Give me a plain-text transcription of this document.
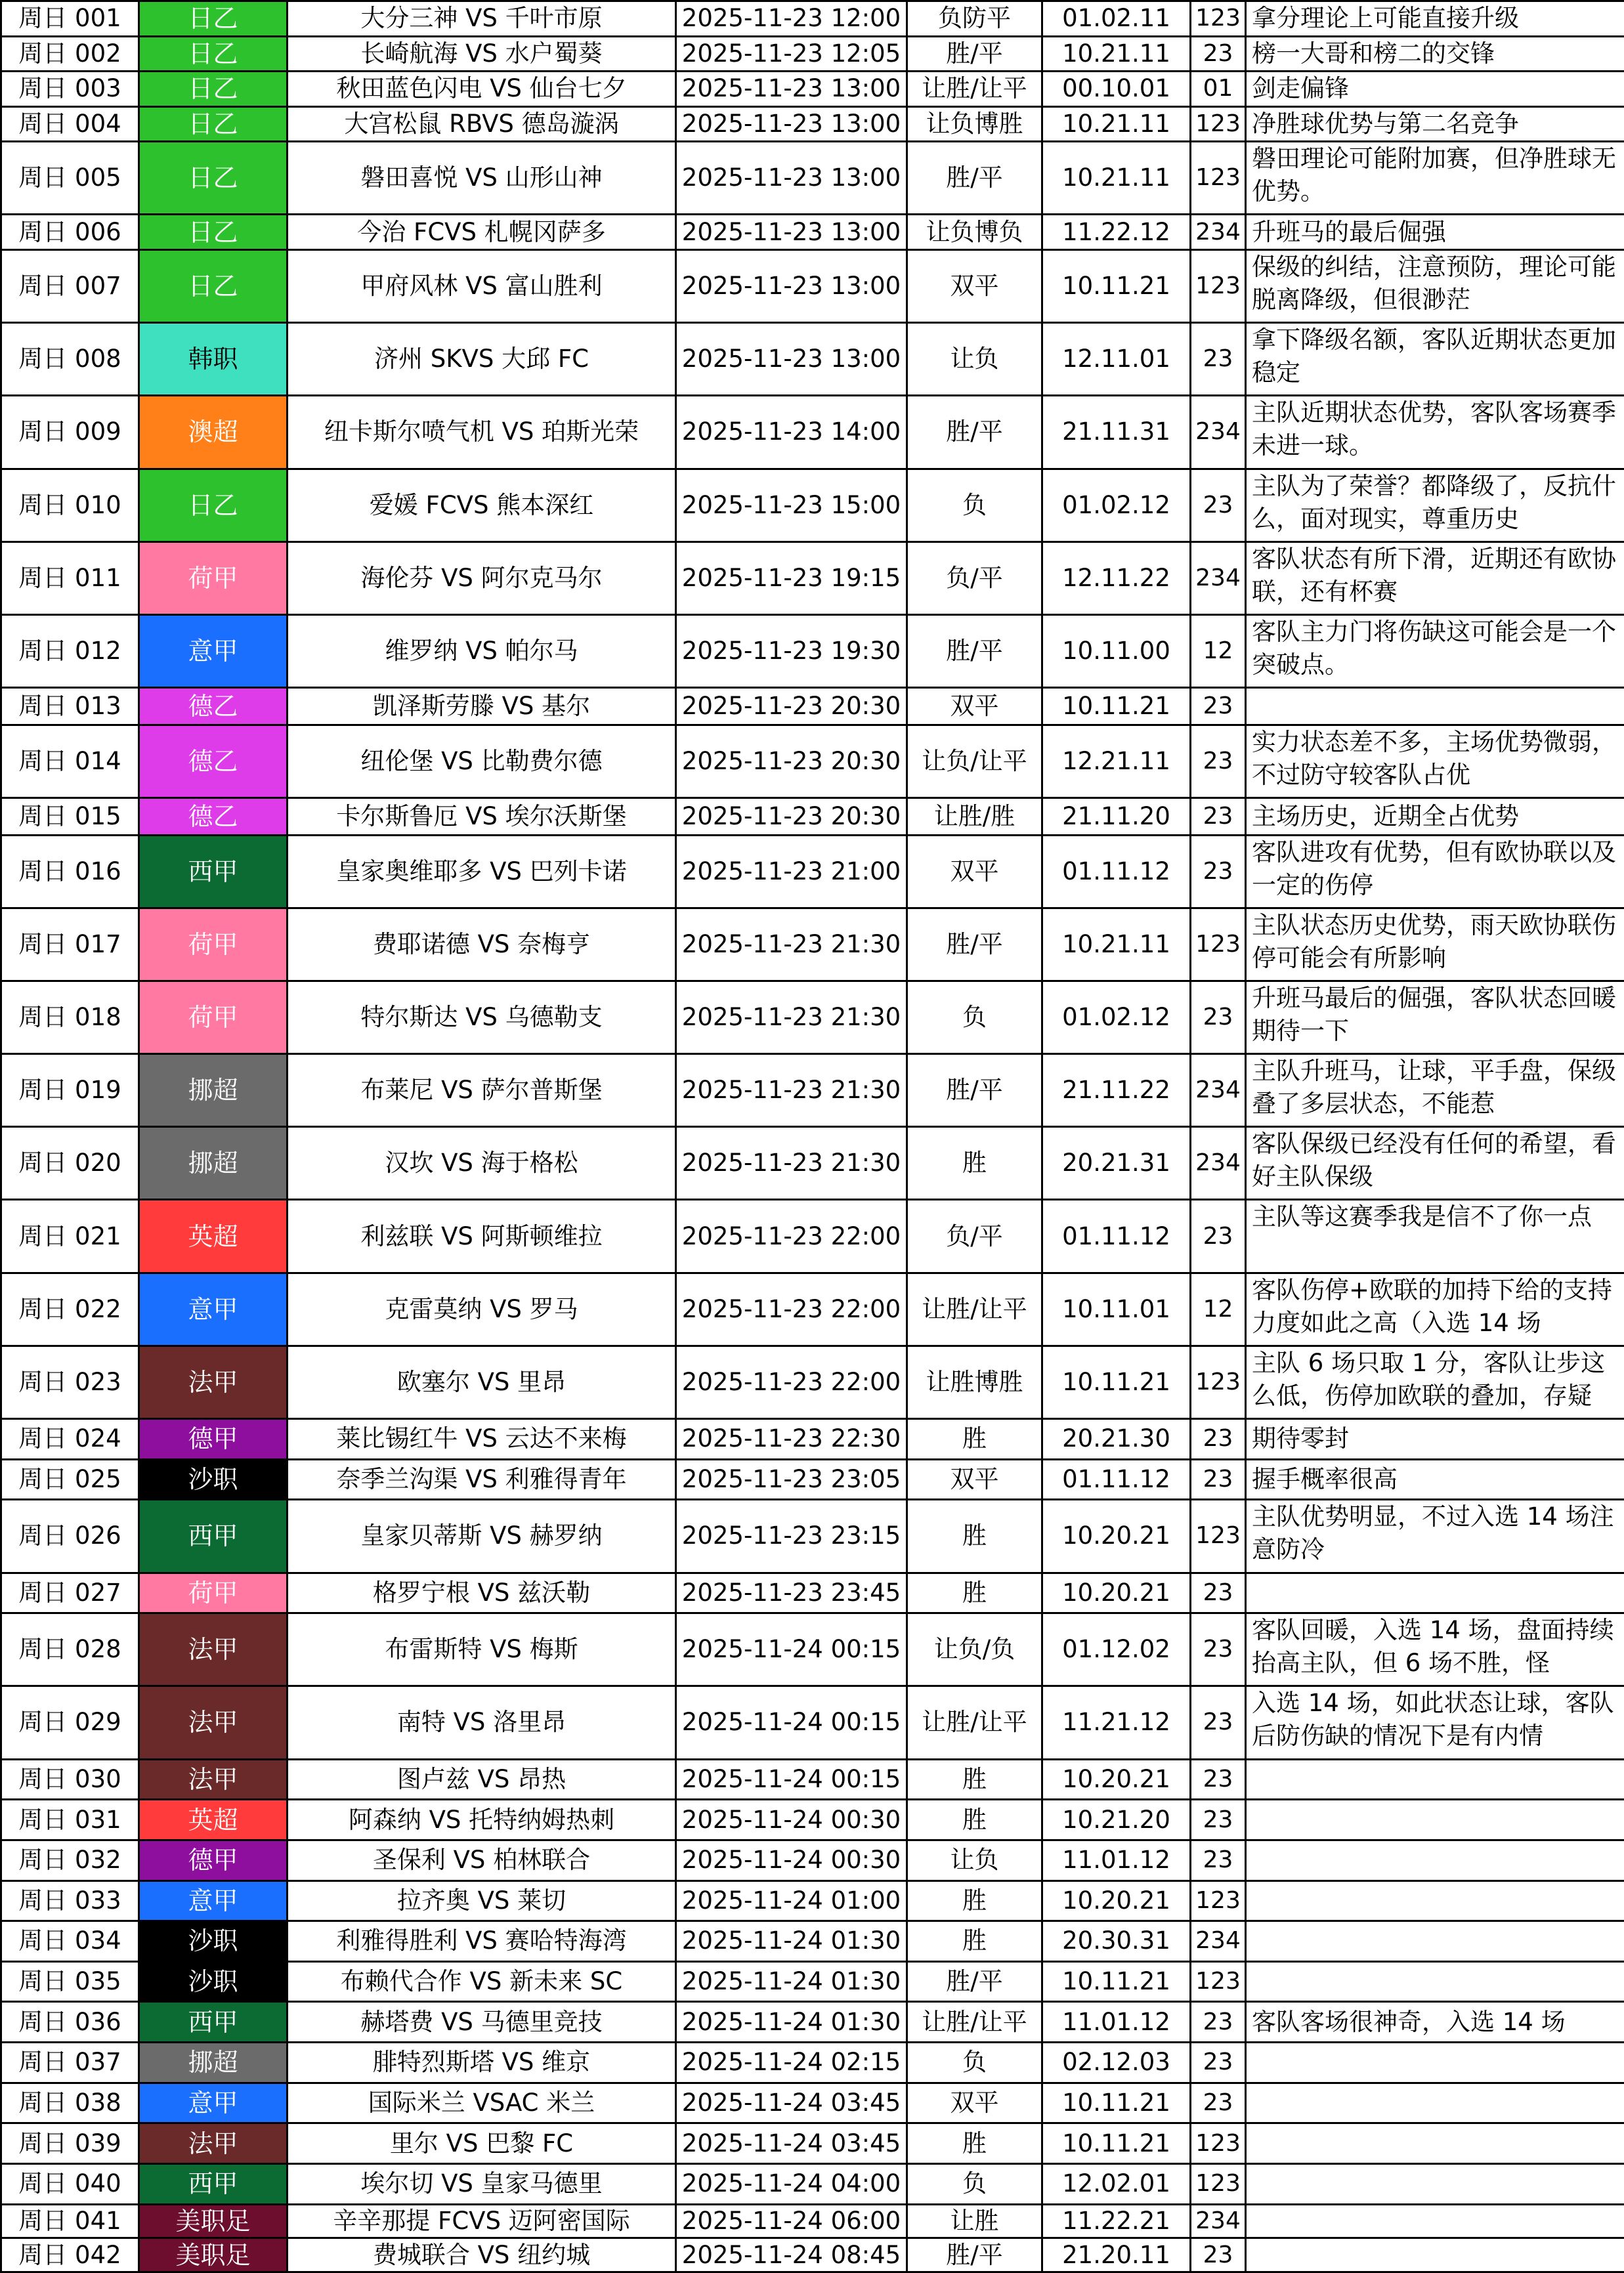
周日 001	日乙	大分三神 VS 千叶市原	2025-11-23 12:00	负防平	01.02.11	123	拿分理论上可能直接升级
周日 002	日乙	长崎航海 VS 水户蜀葵	2025-11-23 12:05	胜/平	10.21.11	23	榜一大哥和榜二的交锋
周日 003	日乙	秋田蓝色闪电 VS 仙台七夕	2025-11-23 13:00	让胜/让平	00.10.01	01	剑走偏锋
周日 004	日乙	大宫松鼠 RBVS 德岛漩涡	2025-11-23 13:00	让负博胜	10.21.11	123	净胜球优势与第二名竞争
周日 005	日乙	磐田喜悦 VS 山形山神	2025-11-23 13:00	胜/平	10.21.11	123	磐田理论可能附加赛，但净胜球无优势。
周日 006	日乙	今治 FCVS 札幌冈萨多	2025-11-23 13:00	让负博负	11.22.12	234	升班马的最后倔强
周日 007	日乙	甲府风林 VS 富山胜利	2025-11-23 13:00	双平	10.11.21	123	保级的纠结，注意预防，理论可能脱离降级，但很渺茫
周日 008	韩职	济州 SKVS 大邱 FC	2025-11-23 13:00	让负	12.11.01	23	拿下降级名额，客队近期状态更加稳定
周日 009	澳超	纽卡斯尔喷气机 VS 珀斯光荣	2025-11-23 14:00	胜/平	21.11.31	234	主队近期状态优势，客队客场赛季未进一球。
周日 010	日乙	爱媛 FCVS 熊本深红	2025-11-23 15:00	负	01.02.12	23	主队为了荣誉？都降级了，反抗什么，面对现实，尊重历史
周日 011	荷甲	海伦芬 VS 阿尔克马尔	2025-11-23 19:15	负/平	12.11.22	234	客队状态有所下滑，近期还有欧协联，还有杯赛
周日 012	意甲	维罗纳 VS 帕尔马	2025-11-23 19:30	胜/平	10.11.00	12	客队主力门将伤缺这可能会是一个突破点。
周日 013	德乙	凯泽斯劳滕 VS 基尔	2025-11-23 20:30	双平	10.11.21	23	
周日 014	德乙	纽伦堡 VS 比勒费尔德	2025-11-23 20:30	让负/让平	12.21.11	23	实力状态差不多，主场优势微弱，不过防守较客队占优
周日 015	德乙	卡尔斯鲁厄 VS 埃尔沃斯堡	2025-11-23 20:30	让胜/胜	21.11.20	23	主场历史，近期全占优势
周日 016	西甲	皇家奥维耶多 VS 巴列卡诺	2025-11-23 21:00	双平	01.11.12	23	客队进攻有优势，但有欧协联以及一定的伤停
周日 017	荷甲	费耶诺德 VS 奈梅亨	2025-11-23 21:30	胜/平	10.21.11	123	主队状态历史优势，雨天欧协联伤停可能会有所影响
周日 018	荷甲	特尔斯达 VS 乌德勒支	2025-11-23 21:30	负	01.02.12	23	升班马最后的倔强，客队状态回暖期待一下
周日 019	挪超	布莱尼 VS 萨尔普斯堡	2025-11-23 21:30	胜/平	21.11.22	234	主队升班马，让球，平手盘，保级叠了多层状态，不能惹
周日 020	挪超	汉坎 VS 海于格松	2025-11-23 21:30	胜	20.21.31	234	客队保级已经没有任何的希望，看好主队保级
周日 021	英超	利兹联 VS 阿斯顿维拉	2025-11-23 22:00	负/平	01.11.12	23	主队等这赛季我是信不了你一点
周日 022	意甲	克雷莫纳 VS 罗马	2025-11-23 22:00	让胜/让平	10.11.01	12	客队伤停+欧联的加持下给的支持力度如此之高（入选 14 场
周日 023	法甲	欧塞尔 VS 里昂	2025-11-23 22:00	让胜博胜	10.11.21	123	主队 6 场只取 1 分，客队让步这么低，伤停加欧联的叠加，存疑
周日 024	德甲	莱比锡红牛 VS 云达不来梅	2025-11-23 22:30	胜	20.21.30	23	期待零封
周日 025	沙职	奈季兰沟渠 VS 利雅得青年	2025-11-23 23:05	双平	01.11.12	23	握手概率很高
周日 026	西甲	皇家贝蒂斯 VS 赫罗纳	2025-11-23 23:15	胜	10.20.21	123	主队优势明显，不过入选 14 场注意防冷
周日 027	荷甲	格罗宁根 VS 兹沃勒	2025-11-23 23:45	胜	10.20.21	23	
周日 028	法甲	布雷斯特 VS 梅斯	2025-11-24 00:15	让负/负	01.12.02	23	客队回暖，入选 14 场，盘面持续抬高主队，但 6 场不胜，怪
周日 029	法甲	南特 VS 洛里昂	2025-11-24 00:15	让胜/让平	11.21.12	23	入选 14 场，如此状态让球，客队后防伤缺的情况下是有内情
周日 030	法甲	图卢兹 VS 昂热	2025-11-24 00:15	胜	10.20.21	23	
周日 031	英超	阿森纳 VS 托特纳姆热刺	2025-11-24 00:30	胜	10.21.20	23	
周日 032	德甲	圣保利 VS 柏林联合	2025-11-24 00:30	让负	11.01.12	23	
周日 033	意甲	拉齐奥 VS 莱切	2025-11-24 01:00	胜	10.20.21	123	
周日 034	沙职	利雅得胜利 VS 赛哈特海湾	2025-11-24 01:30	胜	20.30.31	234	
周日 035	沙职	布赖代合作 VS 新未来 SC	2025-11-24 01:30	胜/平	10.11.21	123	
周日 036	西甲	赫塔费 VS 马德里竞技	2025-11-24 01:30	让胜/让平	11.01.12	23	客队客场很神奇，入选 14 场
周日 037	挪超	腓特烈斯塔 VS 维京	2025-11-24 02:15	负	02.12.03	23	
周日 038	意甲	国际米兰 VSAC 米兰	2025-11-24 03:45	双平	10.11.21	23	
周日 039	法甲	里尔 VS 巴黎 FC	2025-11-24 03:45	胜	10.11.21	123	
周日 040	西甲	埃尔切 VS 皇家马德里	2025-11-24 04:00	负	12.02.01	123	
周日 041	美职足	辛辛那提 FCVS 迈阿密国际	2025-11-24 06:00	让胜	11.22.21	234	
周日 042	美职足	费城联合 VS 纽约城	2025-11-24 08:45	胜/平	21.20.11	23	
